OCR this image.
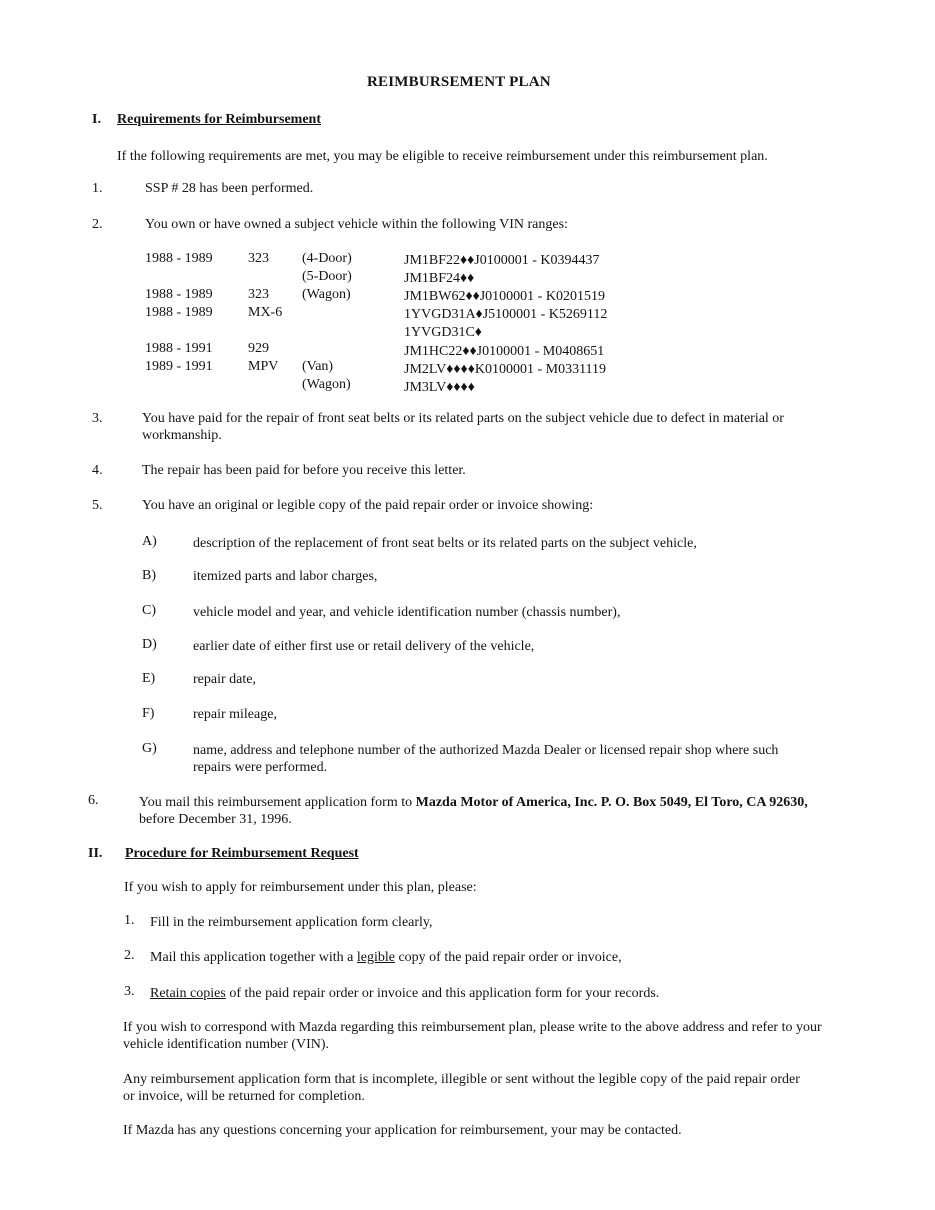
REIMBURSEMENT PLAN
I. Requirements for Reimbursement
If the following requirements are met, you may be eligible to receive reimbursement under this reimbursement plan.
1.	SSP # 28 has been performed.
2.	You own or have owned a subject vehicle within the following VIN ranges:
1988 - 1989	323 (4-Door)	JM1BF22♦♦J0100001 - K0394437
(5-Door)	JM1BF24♦♦
1988 - 1989	323 (Wagon)	JM1BW62♦♦J0100001 - K0201519
1988 - 1989	MX-6	1YVGD31A♦J5100001 - K5269112
1YVGD31C♦
1988 - 1991	929	JM1HC22♦♦J0100001 - M0408651
1989 - 1991	MPV (Van)	JM2LV♦♦♦♦K0100001 - M0331119
(Wagon)	JM3LV♦♦♦♦
3.	You have paid for the repair of front seat belts or its related parts on the subject vehicle due to defect in material or workmanship.
4.	The repair has been paid for before you receive this letter.
5.	You have an original or legible copy of the paid repair order or invoice showing:
A)	description of the replacement of front seat belts or its related parts on the subject vehicle,
B)	itemized parts and labor charges,
C)	vehicle model and year, and vehicle identification number (chassis number),
D)	earlier date of either first use or retail delivery of the vehicle,
E)	repair date,
F)	repair mileage,
G)	name, address and telephone number of the authorized Mazda Dealer or licensed repair shop where such repairs were performed.
6.	You mail this reimbursement application form to Mazda Motor of America, Inc. P. O. Box 5049, El Toro, CA 92630, before December 31, 1996.
II. Procedure for Reimbursement Request
If you wish to apply for reimbursement under this plan, please:
1. Fill in the reimbursement application form clearly,
2. Mail this application together with a legible copy of the paid repair order or invoice,
3. Retain copies of the paid repair order or invoice and this application form for your records.
If you wish to correspond with Mazda regarding this reimbursement plan, please write to the above address and refer to your vehicle identification number (VIN).
Any reimbursement application form that is incomplete, illegible or sent without the legible copy of the paid repair order or invoice, will be returned for completion.
If Mazda has any questions concerning your application for reimbursement, your may be contacted.
